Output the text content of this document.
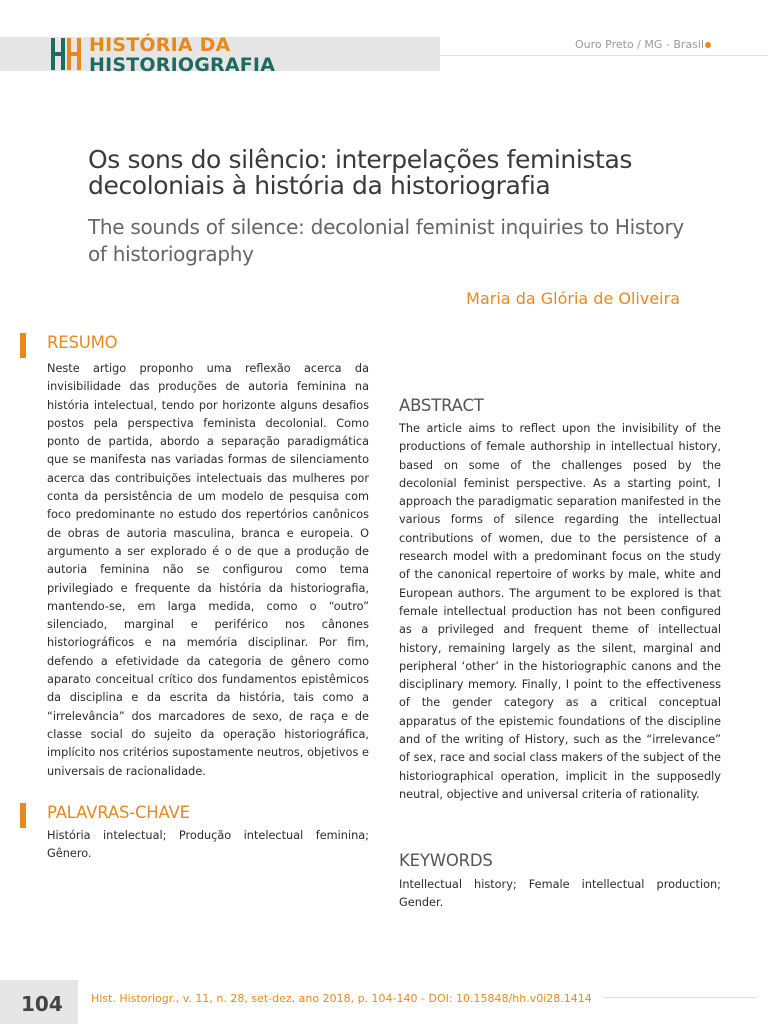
HISTÓRIA DA
HISTORIOGRAFIA
Ouro Preto / MG - Brasil
Os sons do silêncio: interpelações feministas decoloniais à história da historiografia
The sounds of silence: decolonial feminist inquiries to History of historiography
Maria da Glória de Oliveira
RESUMO
Neste artigo proponho uma reflexão acerca da invisibilidade das produções de autoria feminina na história intelectual, tendo por horizonte alguns desafios postos pela perspectiva feminista decolonial. Como ponto de partida, abordo a separação paradigmática que se manifesta nas variadas formas de silenciamento acerca das contribuições intelectuais das mulheres por conta da persistência de um modelo de pesquisa com foco predominante no estudo dos repertórios canônicos de obras de autoria masculina, branca e europeia. O argumento a ser explorado é o de que a produção de autoria feminina não se configurou como tema privilegiado e frequente da história da historiografia, mantendo-se, em larga medida, como o “outro” silenciado, marginal e periférico nos cânones historiográficos e na memória disciplinar. Por fim, defendo a efetividade da categoria de gênero como aparato conceitual crítico dos fundamentos epistêmicos da disciplina e da escrita da história, tais como a “irrelevância” dos marcadores de sexo, de raça e de classe social do sujeito da operação historiográfica, implícito nos critérios supostamente neutros, objetivos e universais de racionalidade.
PALAVRAS-CHAVE
História intelectual; Produção intelectual feminina; Gênero.
ABSTRACT
The article aims to reflect upon the invisibility of the productions of female authorship in intellectual history, based on some of the challenges posed by the decolonial feminist perspective. As a starting point, I approach the paradigmatic separation manifested in the various forms of silence regarding the intellectual contributions of women, due to the persistence of a research model with a predominant focus on the study of the canonical repertoire of works by male, white and European authors. The argument to be explored is that female intellectual production has not been configured as a privileged and frequent theme of intellectual history, remaining largely as the silent, marginal and peripheral ‘other’ in the historiographic canons and the disciplinary memory. Finally, I point to the effectiveness of the gender category as a critical conceptual apparatus of the epistemic foundations of the discipline and of the writing of History, such as the “irrelevance” of sex, race and social class makers of the subject of the historiographical operation, implicit in the supposedly neutral, objective and universal criteria of rationality.
KEYWORDS
Intellectual history; Female intellectual production; Gender.
104	Hist. Historiogr., v. 11, n. 28, set-dez, ano 2018, p. 104-140 - DOI: 10.15848/hh.v0i28.1414
